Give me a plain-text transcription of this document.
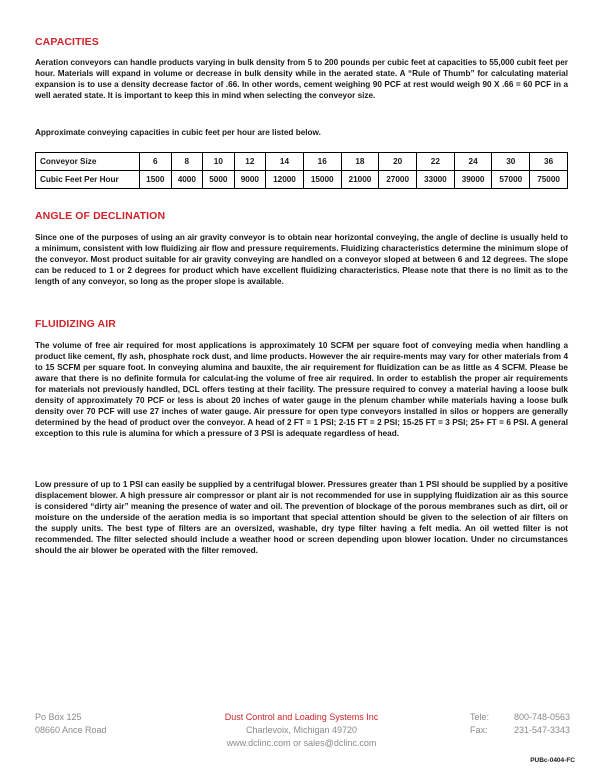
CAPACITIES
Aeration conveyors can handle products varying in bulk density from 5 to 200 pounds per cubic feet at capacities to 55,000 cubit feet per hour. Materials will expand in volume or decrease in bulk density while in the aerated state. A “Rule of Thumb” for calculating material expansion is to use a density decrease factor of .66. In other words, cement weighing 90 PCF at rest would weigh 90 X .66 = 60 PCF in a well aerated state. It is important to keep this in mind when selecting the conveyor size.
Approximate conveying capacities in cubic feet per hour are listed below.
Conveyor Size	6	8	10	12	14	16	18	20	22	24	30	36
Cubic Feet Per Hour	1500	4000	5000	9000	12000	15000	21000	27000	33000	39000	57000	75000
ANGLE OF DECLINATION
Since one of the purposes of using an air gravity conveyor is to obtain near horizontal conveying, the angle of decline is usually held to a minimum, consistent with low fluidizing air flow and pressure requirements. Fluidizing characteristics determine the minimum slope of the conveyor. Most product suitable for air gravity conveying are handled on a conveyor sloped at between 6 and 12 degrees. The slope can be reduced to 1 or 2 degrees for product which have excellent fluidizing characteristics. Please note that there is no limit as to the length of any conveyor, so long as the proper slope is available.
FLUIDIZING AIR
The volume of free air required for most applications is approximately 10 SCFM per square foot of conveying media when handling a product like cement, fly ash, phosphate rock dust, and lime products. However the air require-ments may vary for other materials from 4 to 15 SCFM per square foot. In conveying alumina and bauxite, the air requirement for fluidization can be as little as 4 SCFM. Please be aware that there is no definite formula for calculat-ing the volume of free air required. In order to establish the proper air requirements for materials not previously handled, DCL offers testing at their facility. The pressure required to convey a material having a loose bulk density of approximately 70 PCF or less is about 20 inches of water gauge in the plenum chamber while materials having a loose bulk density over 70 PCF will use 27 inches of water gauge. Air pressure for open type conveyors installed in silos or hoppers are generally determined by the head of product over the conveyor. A head of 2 FT = 1 PSI; 2-15 FT = 2 PSI; 15-25 FT = 3 PSI; 25+ FT = 6 PSI. A general exception to this rule is alumina for which a pressure of 3 PSI is adequate regardless of head.
Low pressure of up to 1 PSI can easily be supplied by a centrifugal blower. Pressures greater than 1 PSI should be supplied by a positive displacement blower. A high pressure air compressor or plant air is not recommended for use in supplying fluidization air as this source is considered “dirty air” meaning the presence of water and oil. The prevention of blockage of the porous membranes such as dirt, oil or moisture on the underside of the aeration media is so important that special attention should be given to the selection of air filters on the supply units. The best type of filters are an oversized, washable, dry type filter having a felt media. An oil wetted filter is not recommended. The filter selected should include a weather hood or screen depending upon blower location. Under no circumstances should the air blower be operated with the filter removed.
Po Box 125
08660 Ance Road
Dust Control and Loading Systems Inc
Charlevoix, Michigan 49720
www.dclinc.com or sales@dclinc.com
Tele:	800-748-0563
Fax:	231-547-3343
PUBc-0404-FC
